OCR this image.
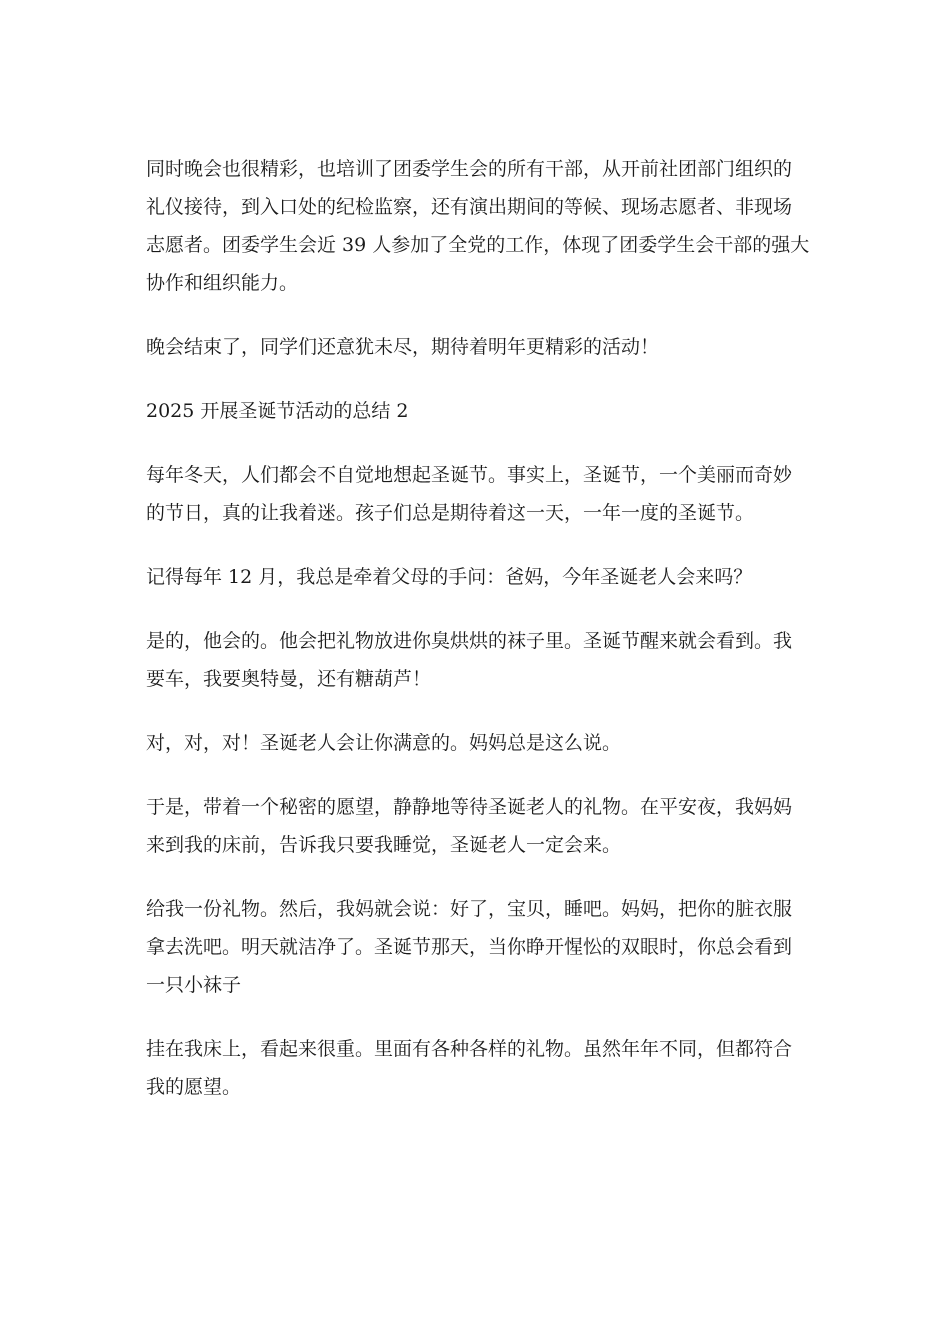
同时晚会也很精彩，也培训了团委学生会的所有干部，从开前社团部门组织的
礼仪接待，到入口处的纪检监察，还有演出期间的等候、现场志愿者、非现场
志愿者。团委学生会近 39 人参加了全党的工作，体现了团委学生会干部的强大
协作和组织能力。
晚会结束了，同学们还意犹未尽，期待着明年更精彩的活动！
2025 开展圣诞节活动的总结 2
每年冬天，人们都会不自觉地想起圣诞节。事实上，圣诞节，一个美丽而奇妙
的节日，真的让我着迷。孩子们总是期待着这一天，一年一度的圣诞节。
记得每年 12 月，我总是牵着父母的手问：爸妈，今年圣诞老人会来吗？
是的，他会的。他会把礼物放进你臭烘烘的袜子里。圣诞节醒来就会看到。我
要车，我要奥特曼，还有糖葫芦！
对，对，对！圣诞老人会让你满意的。妈妈总是这么说。
于是，带着一个秘密的愿望，静静地等待圣诞老人的礼物。在平安夜，我妈妈
来到我的床前，告诉我只要我睡觉，圣诞老人一定会来。
给我一份礼物。然后，我妈就会说：好了，宝贝，睡吧。妈妈，把你的脏衣服
拿去洗吧。明天就洁净了。圣诞节那天，当你睁开惺忪的双眼时，你总会看到
一只小袜子
挂在我床上，看起来很重。里面有各种各样的礼物。虽然年年不同，但都符合
我的愿望。
